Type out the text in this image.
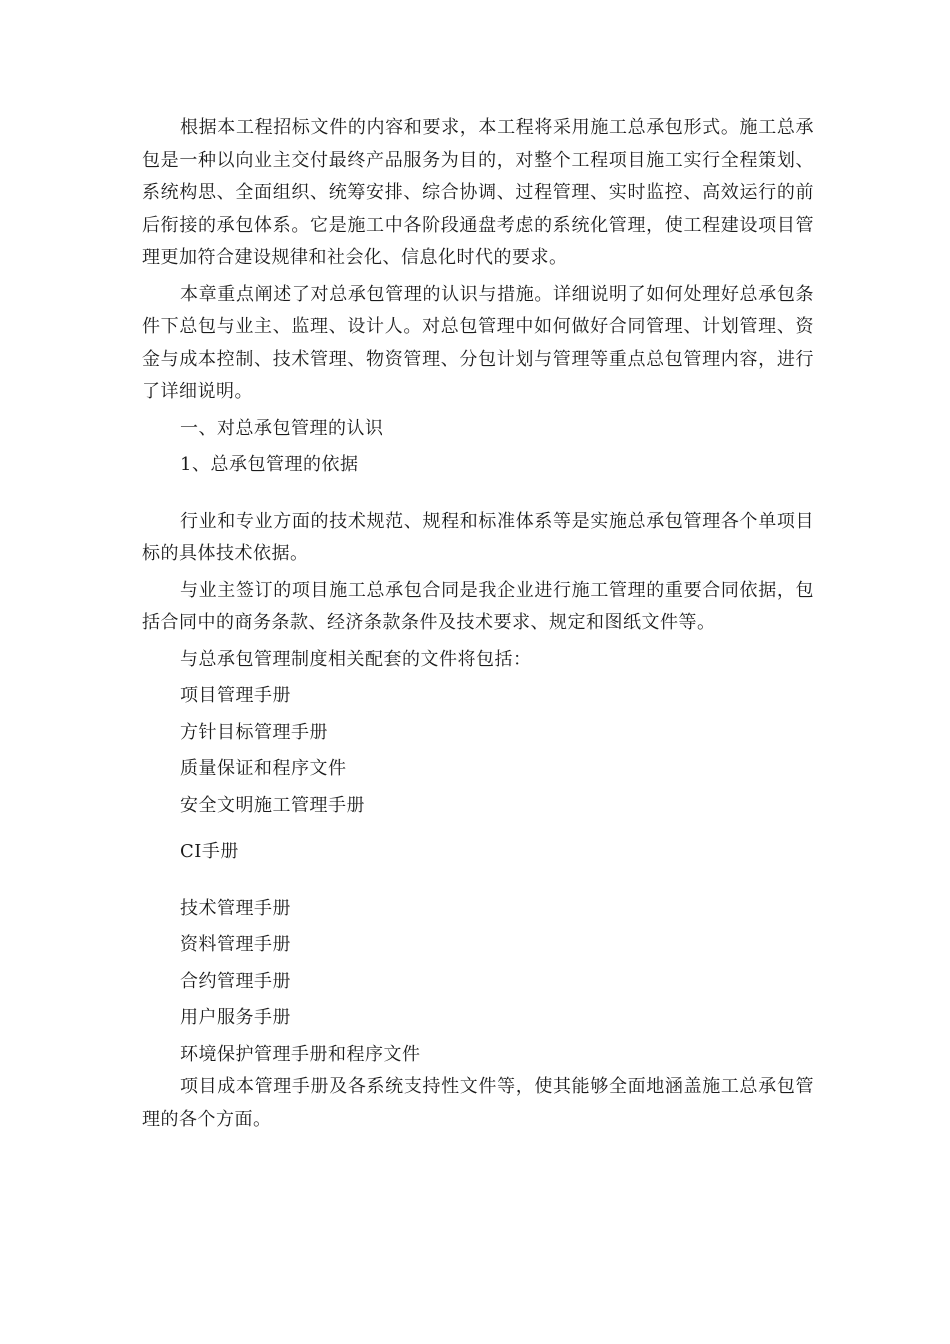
根据本工程招标文件的内容和要求，本工程将采用施工总承包形式。施工总承包是一种以向业主交付最终产品服务为目的，对整个工程项目施工实行全程策划、系统构思、全面组织、统筹安排、综合协调、过程管理、实时监控、高效运行的前后衔接的承包体系。它是施工中各阶段通盘考虑的系统化管理，使工程建设项目管理更加符合建设规律和社会化、信息化时代的要求。

本章重点阐述了对总承包管理的认识与措施。详细说明了如何处理好总承包条件下总包与业主、监理、设计人。对总包管理中如何做好合同管理、计划管理、资金与成本控制、技术管理、物资管理、分包计划与管理等重点总包管理内容，进行了详细说明。

一、对总承包管理的认识

1、总承包管理的依据

行业和专业方面的技术规范、规程和标准体系等是实施总承包管理各个单项目标的具体技术依据。

与业主签订的项目施工总承包合同是我企业进行施工管理的重要合同依据，包括合同中的商务条款、经济条款条件及技术要求、规定和图纸文件等。

与总承包管理制度相关配套的文件将包括：

项目管理手册

方针目标管理手册

质量保证和程序文件

安全文明施工管理手册

CI手册

技术管理手册

资料管理手册

合约管理手册

用户服务手册

环境保护管理手册和程序文件

项目成本管理手册及各系统支持性文件等，使其能够全面地涵盖施工总承包管理的各个方面。
